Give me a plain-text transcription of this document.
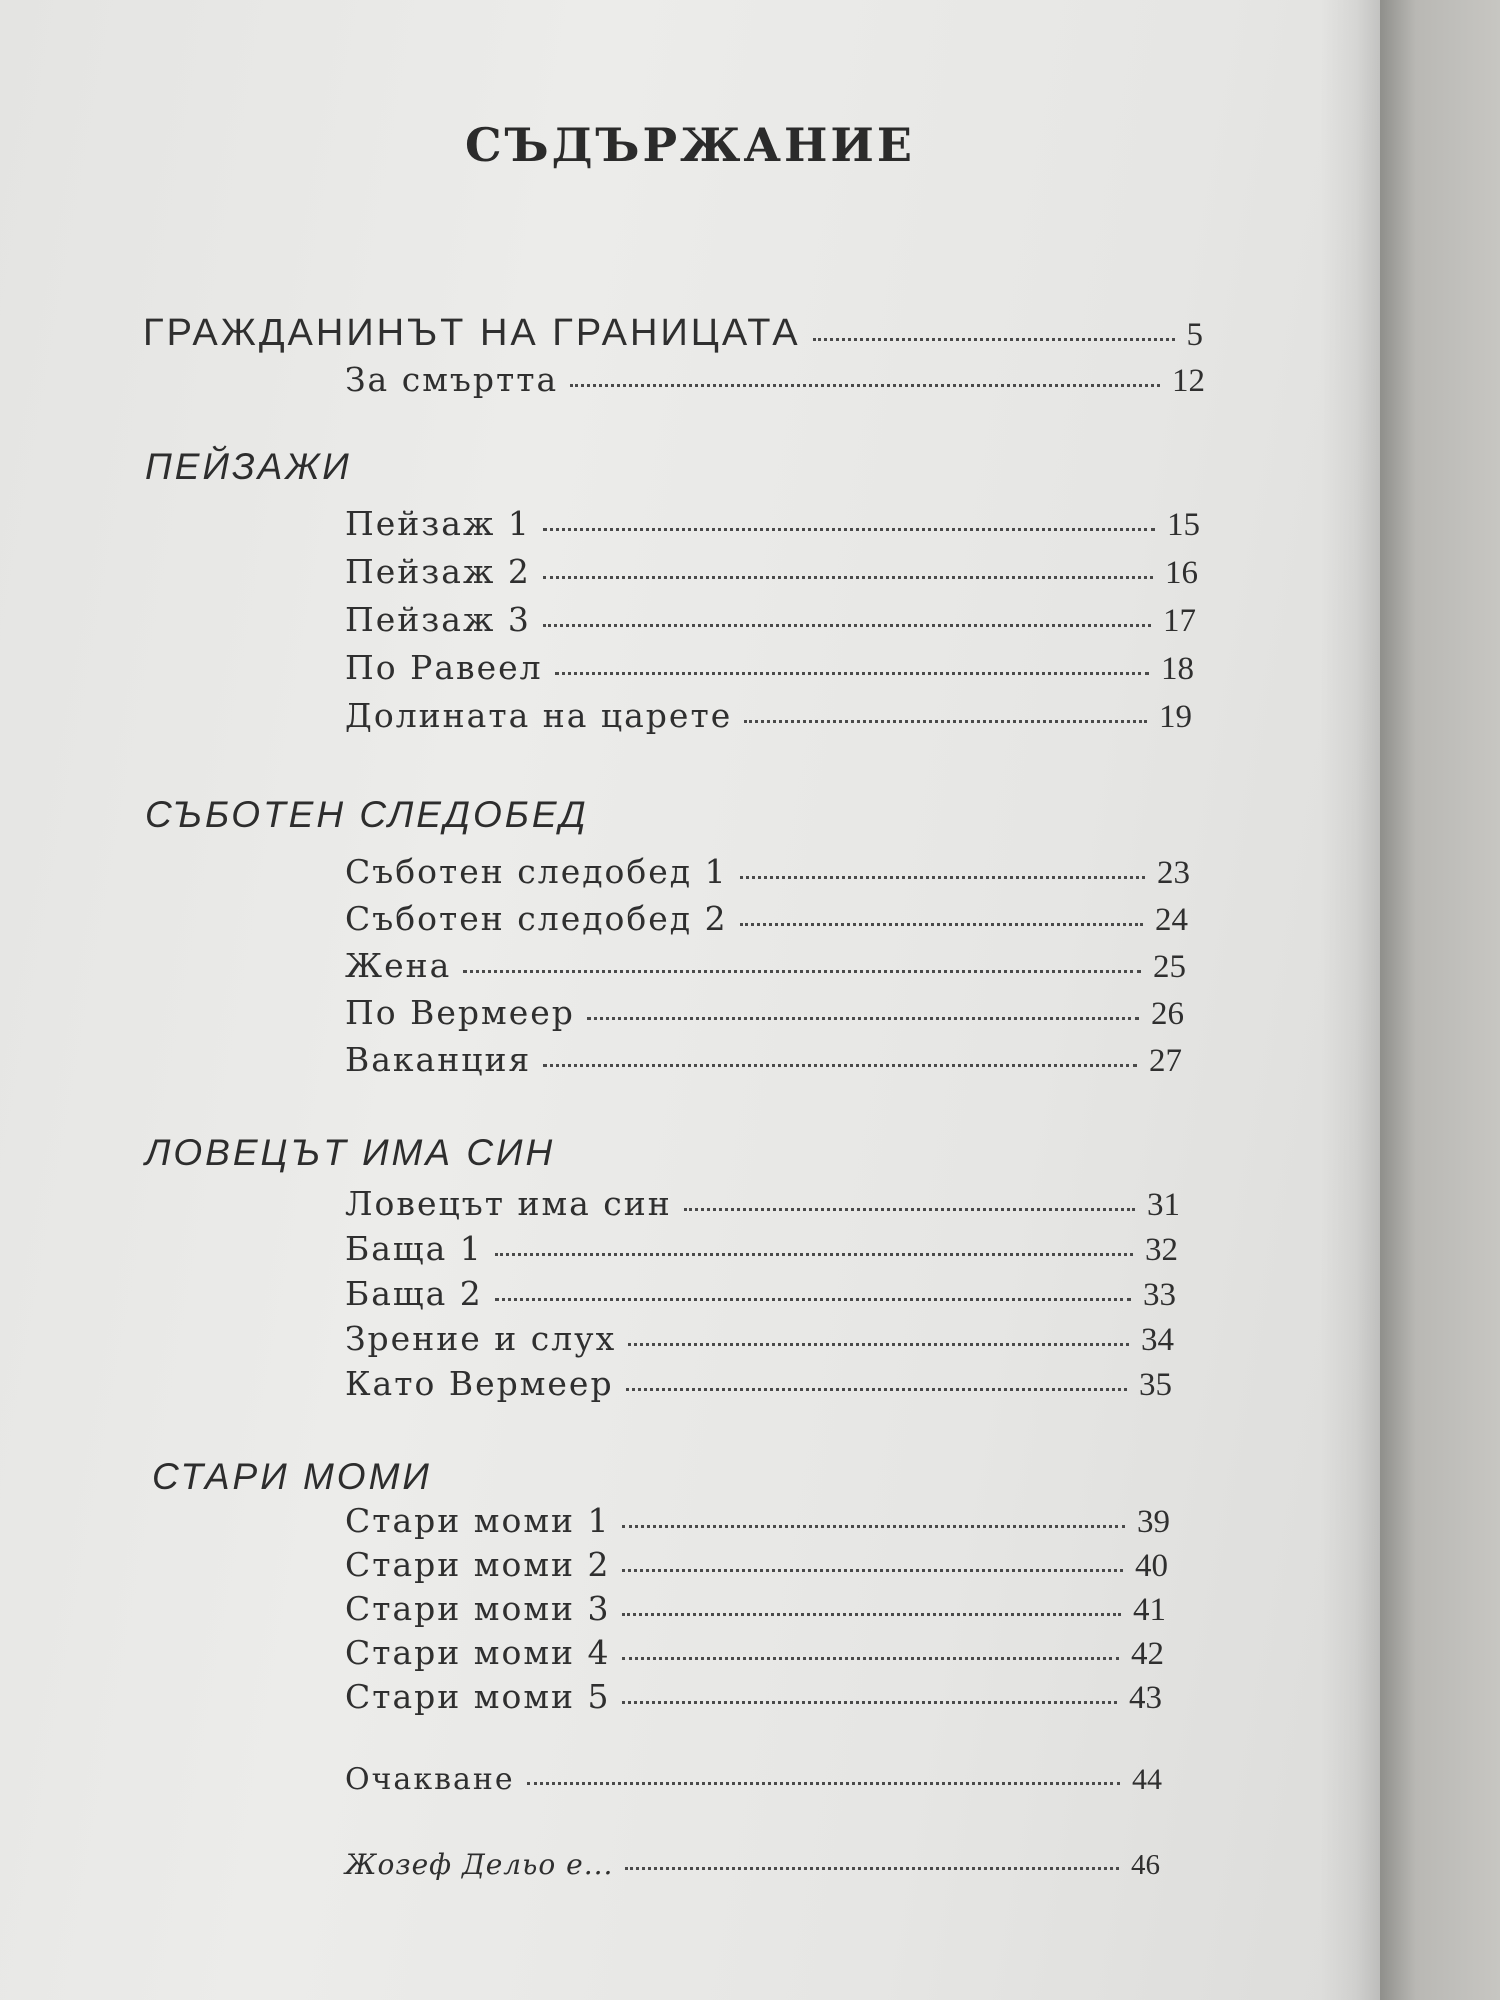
СЪДЪРЖАНИЕ
ГРАЖДАНИНЪТ НА ГРАНИЦАТА	5
За смъртта	12
ПЕЙЗАЖИ
Пейзаж 1	15
Пейзаж 2	16
Пейзаж 3	17
По Равеел	18
Долината на царете	19
СЪБОТЕН СЛЕДОБЕД
Съботен следобед 1	23
Съботен следобед 2	24
Жена	25
По Вермеер	26
Ваканция	27
ЛОВЕЦЪТ ИМА СИН
Ловецът има син	31
Баща 1	32
Баща 2	33
Зрение и слух	34
Като Вермеер	35
СТАРИ МОМИ
Стари моми 1	39
Стари моми 2	40
Стари моми 3	41
Стари моми 4	42
Стари моми 5	43
Очакване	44
Жозеф Дельо е...	46
